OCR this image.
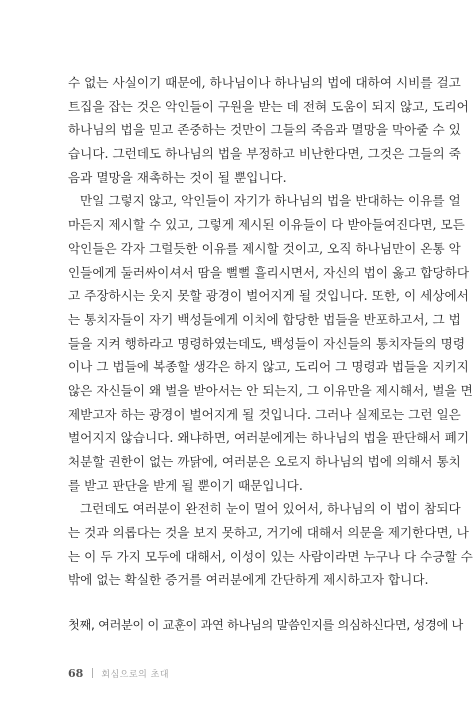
수 없는 사실이기 때문에, 하나님이나 하나님의 법에 대하여 시비를 걸고
트집을 잡는 것은 악인들이 구원을 받는 데 전혀 도움이 되지 않고, 도리어
하나님의 법을 믿고 존중하는 것만이 그들의 죽음과 멸망을 막아줄 수 있
습니다. 그런데도 하나님의 법을 부정하고 비난한다면, 그것은 그들의 죽
음과 멸망을 재촉하는 것이 될 뿐입니다.
만일 그렇지 않고, 악인들이 자기가 하나님의 법을 반대하는 이유를 얼
마든지 제시할 수 있고, 그렇게 제시된 이유들이 다 받아들여진다면, 모든
악인들은 각자 그럴듯한 이유를 제시할 것이고, 오직 하나님만이 온통 악
인들에게 둘러싸이셔서 땀을 뻘뻘 흘리시면서, 자신의 법이 옳고 합당하다
고 주장하시는 웃지 못할 광경이 벌어지게 될 것입니다. 또한, 이 세상에서
는 통치자들이 자기 백성들에게 이치에 합당한 법들을 반포하고서, 그 법
들을 지켜 행하라고 명령하였는데도, 백성들이 자신들의 통치자들의 명령
이나 그 법들에 복종할 생각은 하지 않고, 도리어 그 명령과 법들을 지키지
않은 자신들이 왜 벌을 받아서는 안 되는지, 그 이유만을 제시해서, 벌을 면
제받고자 하는 광경이 벌어지게 될 것입니다. 그러나 실제로는 그런 일은
벌어지지 않습니다. 왜냐하면, 여러분에게는 하나님의 법을 판단해서 폐기
처분할 권한이 없는 까닭에, 여러분은 오로지 하나님의 법에 의해서 통치
를 받고 판단을 받게 될 뿐이기 때문입니다.
그런데도 여러분이 완전히 눈이 멀어 있어서, 하나님의 이 법이 참되다
는 것과 의롭다는 것을 보지 못하고, 거기에 대해서 의문을 제기한다면, 나
는 이 두 가지 모두에 대해서, 이성이 있는 사람이라면 누구나 다 수긍할 수
밖에 없는 확실한 증거를 여러분에게 간단하게 제시하고자 합니다.
첫째, 여러분이 이 교훈이 과연 하나님의 말씀인지를 의심하신다면, 성경에 나
68 회심으로의 초대
